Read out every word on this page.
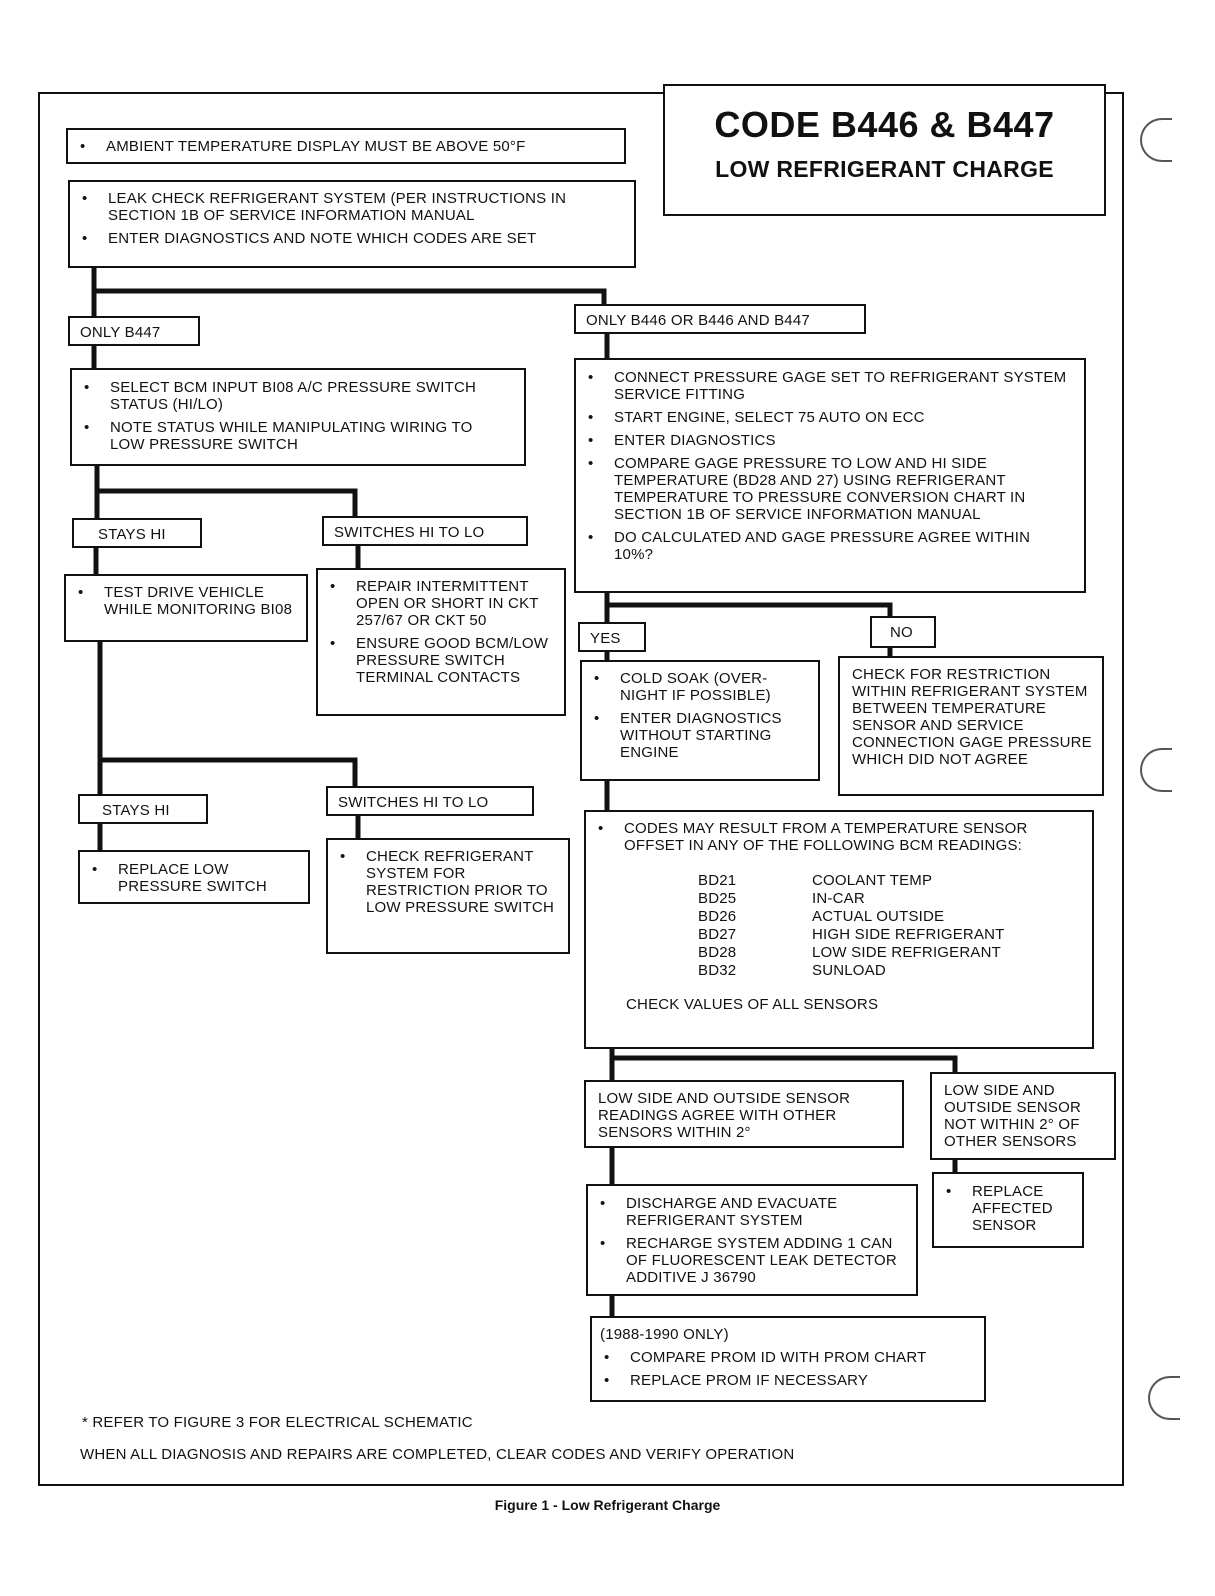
CODE B446 & B447
LOW REFRIGERANT CHARGE
• AMBIENT TEMPERATURE DISPLAY MUST BE ABOVE 50°F
• LEAK CHECK REFRIGERANT SYSTEM (PER INSTRUCTIONS IN SECTION 1B OF SERVICE INFORMATION MANUAL
• ENTER DIAGNOSTICS AND NOTE WHICH CODES ARE SET
ONLY B447
ONLY B446 OR B446 AND B447
• SELECT BCM INPUT BI08 A/C PRESSURE SWITCH STATUS (HI/LO)
• NOTE STATUS WHILE MANIPULATING WIRING TO LOW PRESSURE SWITCH
• CONNECT PRESSURE GAGE SET TO REFRIGERANT SYSTEM SERVICE FITTING
• START ENGINE, SELECT 75 AUTO ON ECC
• ENTER DIAGNOSTICS
• COMPARE GAGE PRESSURE TO LOW AND HI SIDE TEMPERATURE (BD28 AND 27) USING REFRIGERANT TEMPERATURE TO PRESSURE CONVERSION CHART IN SECTION 1B OF SERVICE INFORMATION MANUAL
• DO CALCULATED AND GAGE PRESSURE AGREE WITHIN 10%?
STAYS HI	SWITCHES HI TO LO
• TEST DRIVE VEHICLE WHILE MONITORING BI08
• REPAIR INTERMITTENT OPEN OR SHORT IN CKT 257/67 OR CKT 50
• ENSURE GOOD BCM/LOW PRESSURE SWITCH TERMINAL CONTACTS
YES	NO
• COLD SOAK (OVER-NIGHT IF POSSIBLE)
• ENTER DIAGNOSTICS WITHOUT STARTING ENGINE
CHECK FOR RESTRICTION WITHIN REFRIGERANT SYSTEM BETWEEN TEMPERATURE SENSOR AND SERVICE CONNECTION GAGE PRESSURE WHICH DID NOT AGREE
STAYS HI	SWITCHES HI TO LO
• REPLACE LOW PRESSURE SWITCH
• CHECK REFRIGERANT SYSTEM FOR RESTRICTION PRIOR TO LOW PRESSURE SWITCH
• CODES MAY RESULT FROM A TEMPERATURE SENSOR OFFSET IN ANY OF THE FOLLOWING BCM READINGS:
BD21	COOLANT TEMP
BD25	IN-CAR
BD26	ACTUAL OUTSIDE
BD27	HIGH SIDE REFRIGERANT
BD28	LOW SIDE REFRIGERANT
BD32	SUNLOAD
CHECK VALUES OF ALL SENSORS
LOW SIDE AND OUTSIDE SENSOR READINGS AGREE WITH OTHER SENSORS WITHIN 2°
LOW SIDE AND OUTSIDE SENSOR NOT WITHIN 2° OF OTHER SENSORS
• DISCHARGE AND EVACUATE REFRIGERANT SYSTEM
• RECHARGE SYSTEM ADDING 1 CAN OF FLUORESCENT LEAK DETECTOR ADDITIVE J 36790
• REPLACE AFFECTED SENSOR
(1988-1990 ONLY)
• COMPARE PROM ID WITH PROM CHART
• REPLACE PROM IF NECESSARY
* REFER TO FIGURE 3 FOR ELECTRICAL SCHEMATIC
WHEN ALL DIAGNOSIS AND REPAIRS ARE COMPLETED, CLEAR CODES AND VERIFY OPERATION
Figure 1 - Low Refrigerant Charge
